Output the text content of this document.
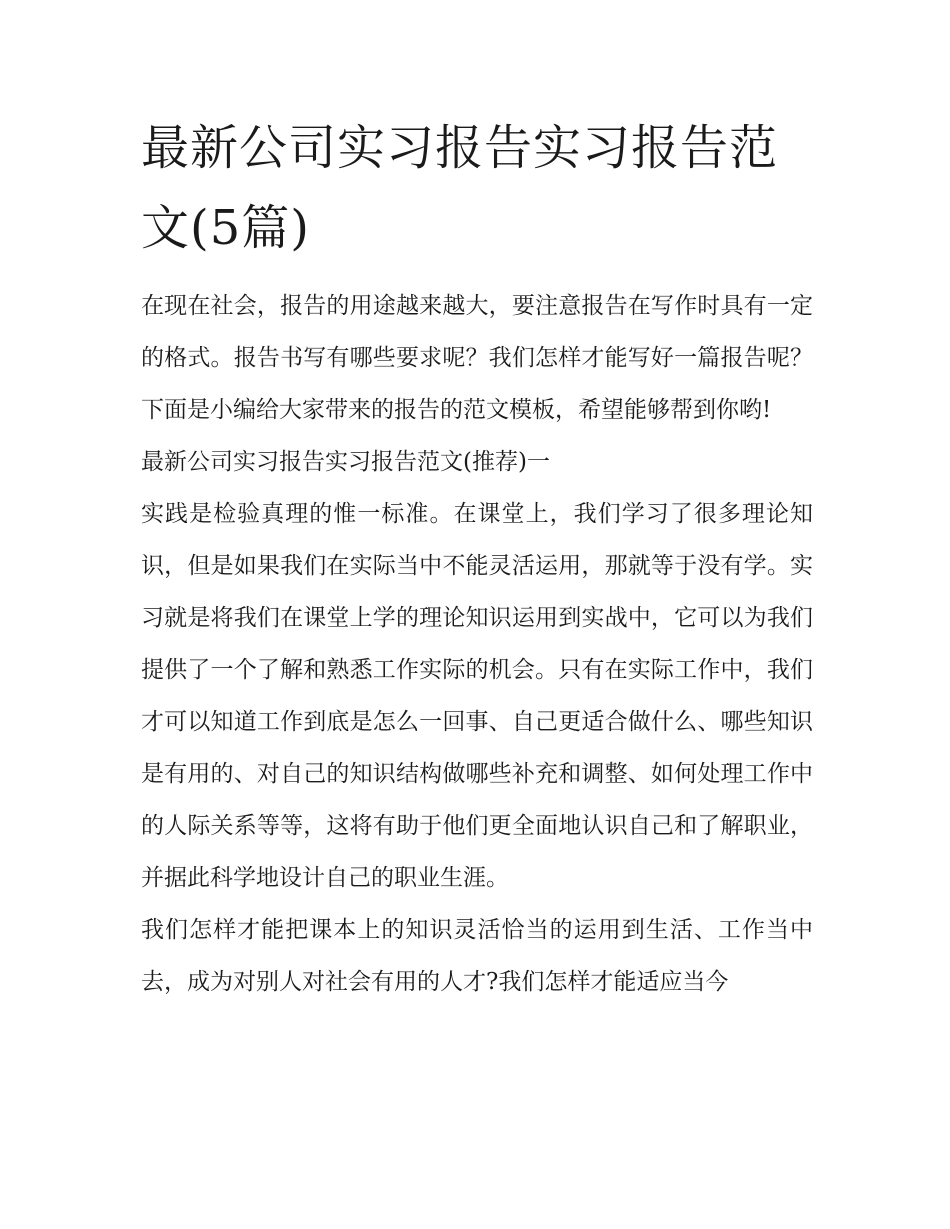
最新公司实习报告实习报告范文(5篇)

在现在社会，报告的用途越来越大，要注意报告在写作时具有一定的格式。报告书写有哪些要求呢？我们怎样才能写好一篇报告呢？下面是小编给大家带来的报告的范文模板，希望能够帮到你哟!

最新公司实习报告实习报告范文(推荐)一

实践是检验真理的惟一标准。在课堂上，我们学习了很多理论知识，但是如果我们在实际当中不能灵活运用，那就等于没有学。实习就是将我们在课堂上学的理论知识运用到实战中，它可以为我们提供了一个了解和熟悉工作实际的机会。只有在实际工作中，我们才可以知道工作到底是怎么一回事、自己更适合做什么、哪些知识是有用的、对自己的知识结构做哪些补充和调整、如何处理工作中的人际关系等等，这将有助于他们更全面地认识自己和了解职业，并据此科学地设计自己的职业生涯。

我们怎样才能把课本上的知识灵活恰当的运用到生活、工作当中去，成为对别人对社会有用的人才?我们怎样才能适应当今
